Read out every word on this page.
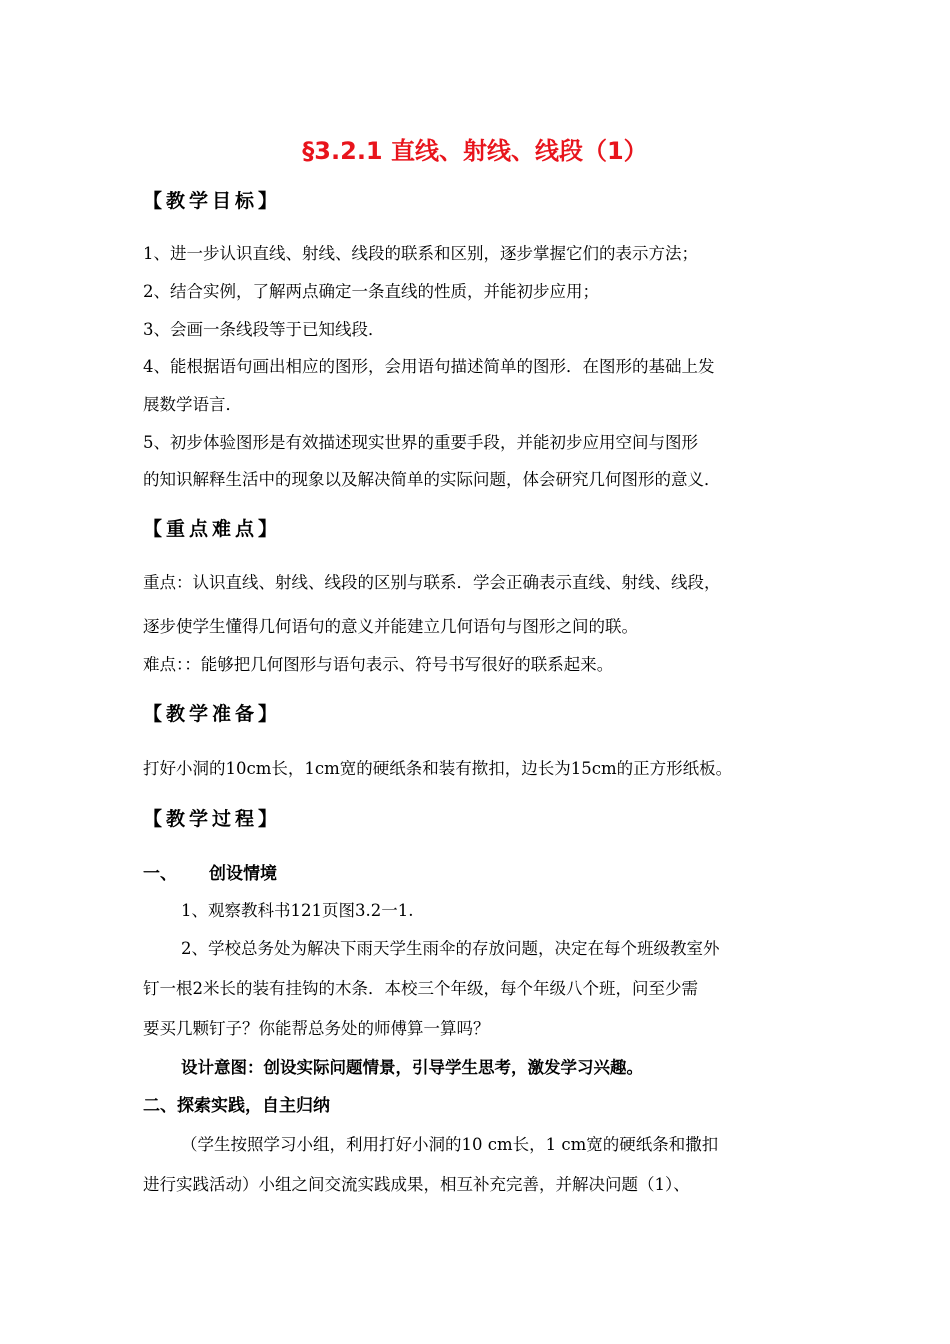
§3.2.1 直线、射线、线段（1）
【教学目标】
1、进一步认识直线、射线、线段的联系和区别，逐步掌握它们的表示方法；
2、结合实例，了解两点确定一条直线的性质，并能初步应用；
3、会画一条线段等于已知线段．
4、能根据语句画出相应的图形，会用语句描述简单的图形．在图形的基础上发
展数学语言．
5、初步体验图形是有效描述现实世界的重要手段，并能初步应用空间与图形
的知识解释生活中的现象以及解决简单的实际问题，体会研究几何图形的意义．
【重点难点】
重点：认识直线、射线、线段的区别与联系．学会正确表示直线、射线、线段，
逐步使学生懂得几何语句的意义并能建立几何语句与图形之间的联。
难点：：能够把几何图形与语句表示、符号书写很好的联系起来。
【教学准备】
打好小洞的10cm长，1cm宽的硬纸条和装有揿扣，边长为15cm的正方形纸板。
【教学过程】
一、 创设情境
1、观察教科书121页图3.2一1.
2、学校总务处为解决下雨天学生雨伞的存放问题，决定在每个班级教室外
钉一根2米长的装有挂钩的木条．本校三个年级，每个年级八个班，问至少需
要买几颗钉子？你能帮总务处的师傅算一算吗？
设计意图：创设实际问题情景，引导学生思考，激发学习兴趣。
二、探索实践，自主归纳
（学生按照学习小组，利用打好小洞的10 cm长，1 cm宽的硬纸条和撒扣
进行实践活动）小组之间交流实践成果，相互补充完善，并解决问题（1）、
